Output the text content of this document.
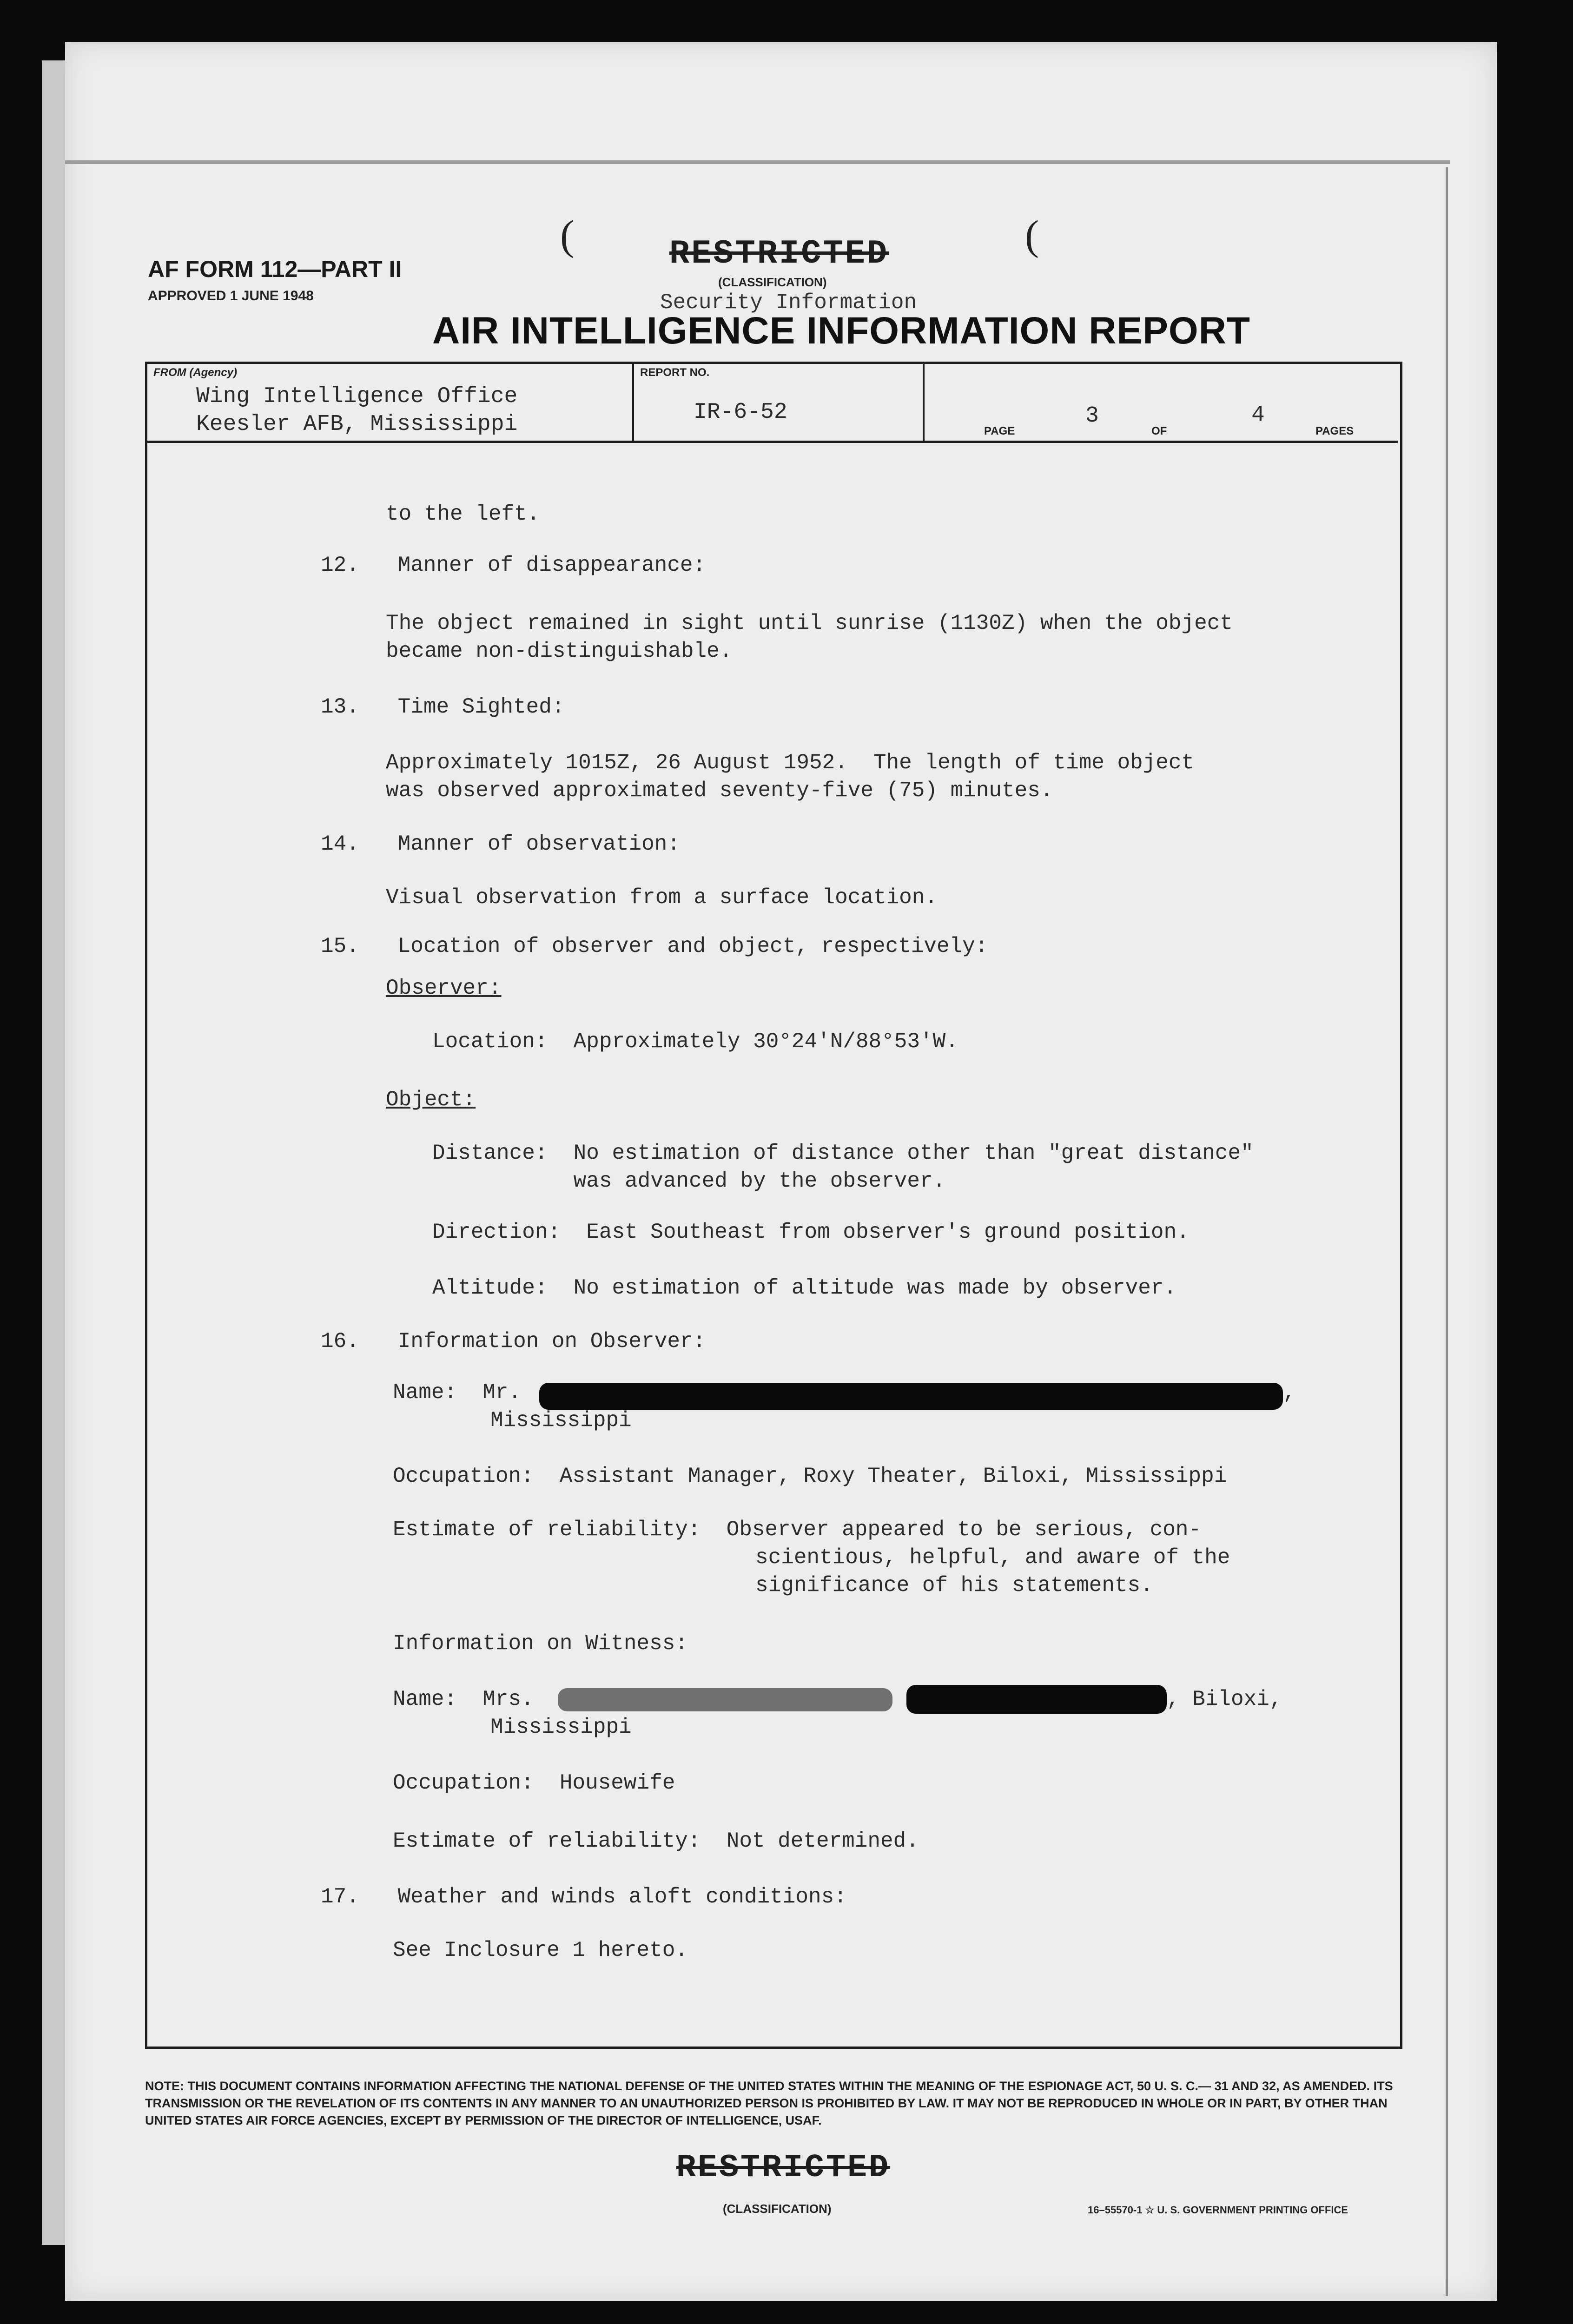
(	(
AF FORM 112—PART II
APPROVED 1 JUNE 1948
RESTRICTED
(CLASSIFICATION)
Security Information
AIR INTELLIGENCE INFORMATION REPORT
FROM (Agency)
Wing Intelligence Office
Keesler AFB, Mississippi
REPORT NO.
IR-6-52
PAGE
3
OF
4
PAGES
to the left.
12.   Manner of disappearance:
The object remained in sight until sunrise (1130Z) when the object
became non-distinguishable.
13.   Time Sighted:
Approximately 1015Z, 26 August 1952.  The length of time object
was observed approximated seventy-five (75) minutes.
14.   Manner of observation:
Visual observation from a surface location.
15.   Location of observer and object, respectively:
Observer:
Location:  Approximately 30°24'N/88°53'W.
Object:
Distance:  No estimation of distance other than "great distance"
was advanced by the observer.
Direction:  East Southeast from observer's ground position.
Altitude:  No estimation of altitude was made by observer.
16.   Information on Observer:
Name:  Mr.	,
Mississippi
Occupation:  Assistant Manager, Roxy Theater, Biloxi, Mississippi
Estimate of reliability:  Observer appeared to be serious, con-
scientious, helpful, and aware of the
significance of his statements.
Information on Witness:
Name:  Mrs.	, Biloxi,
Mississippi
Occupation:  Housewife
Estimate of reliability:  Not determined.
17.   Weather and winds aloft conditions:
See Inclosure 1 hereto.
NOTE: THIS DOCUMENT CONTAINS INFORMATION AFFECTING THE NATIONAL DEFENSE OF THE UNITED STATES WITHIN THE MEANING OF THE ESPIONAGE ACT, 50 U. S. C.— 31 AND 32, AS AMENDED. ITS TRANSMISSION OR THE REVELATION OF ITS CONTENTS IN ANY MANNER TO AN UNAUTHORIZED PERSON IS PROHIBITED BY LAW. IT MAY NOT BE REPRODUCED IN WHOLE OR IN PART, BY OTHER THAN UNITED STATES AIR FORCE AGENCIES, EXCEPT BY PERMISSION OF THE DIRECTOR OF INTELLIGENCE, USAF.
RESTRICTED
(CLASSIFICATION)	16–55570-1 ☆ U. S. GOVERNMENT PRINTING OFFICE
